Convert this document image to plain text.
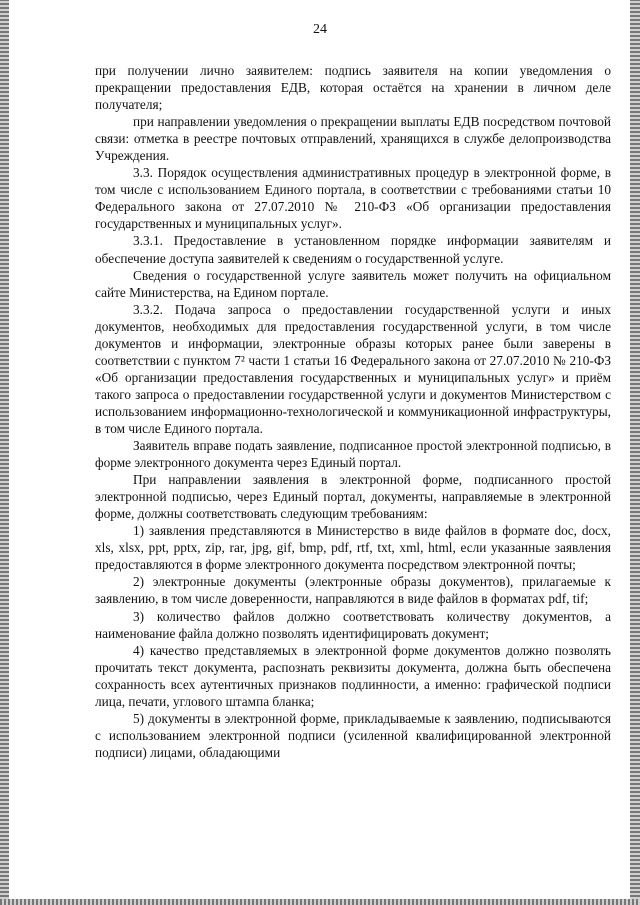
24

при получении лично заявителем: подпись заявителя на копии уведомления о прекращении предоставления ЕДВ, которая остаётся на хранении в личном деле получателя;

при направлении уведомления о прекращении выплаты ЕДВ посредством почтовой связи: отметка в реестре почтовых отправлений, хранящихся в службе делопроизводства Учреждения.

3.3. Порядок осуществления административных процедур в электронной форме, в том числе с использованием Единого портала, в соответствии с требованиями статьи 10 Федерального закона от 27.07.2010 № 210-ФЗ «Об организации предоставления государственных и муниципальных услуг».

3.3.1. Предоставление в установленном порядке информации заявителям и обеспечение доступа заявителей к сведениям о государственной услуге.

Сведения о государственной услуге заявитель может получить на официальном сайте Министерства, на Едином портале.

3.3.2. Подача запроса о предоставлении государственной услуги и иных документов, необходимых для предоставления государственной услуги, в том числе документов и информации, электронные образы которых ранее были заверены в соответствии с пунктом 7² части 1 статьи 16 Федерального закона от 27.07.2010 № 210-ФЗ «Об организации предоставления государственных и муниципальных услуг» и приём такого запроса о предоставлении государственной услуги и документов Министерством с использованием информационно-технологической и коммуникационной инфраструктуры, в том числе Единого портала.

Заявитель вправе подать заявление, подписанное простой электронной подписью, в форме электронного документа через Единый портал.

При направлении заявления в электронной форме, подписанного простой электронной подписью, через Единый портал, документы, направляемые в электронной форме, должны соответствовать следующим требованиям:

1) заявления представляются в Министерство в виде файлов в формате doc, docx, xls, xlsx, ppt, pptx, zip, rar, jpg, gif, bmp, pdf, rtf, txt, xml, html, если указанные заявления предоставляются в форме электронного документа посредством электронной почты;

2) электронные документы (электронные образы документов), прилагаемые к заявлению, в том числе доверенности, направляются в виде файлов в форматах pdf, tif;

3) количество файлов должно соответствовать количеству документов, а наименование файла должно позволять идентифицировать документ;

4) качество представляемых в электронной форме документов должно позволять прочитать текст документа, распознать реквизиты документа, должна быть обеспечена сохранность всех аутентичных признаков подлинности, а именно: графической подписи лица, печати, углового штампа бланка;

5) документы в электронной форме, прикладываемые к заявлению, подписываются с использованием электронной подписи (усиленной квалифицированной электронной подписи) лицами, обладающими
